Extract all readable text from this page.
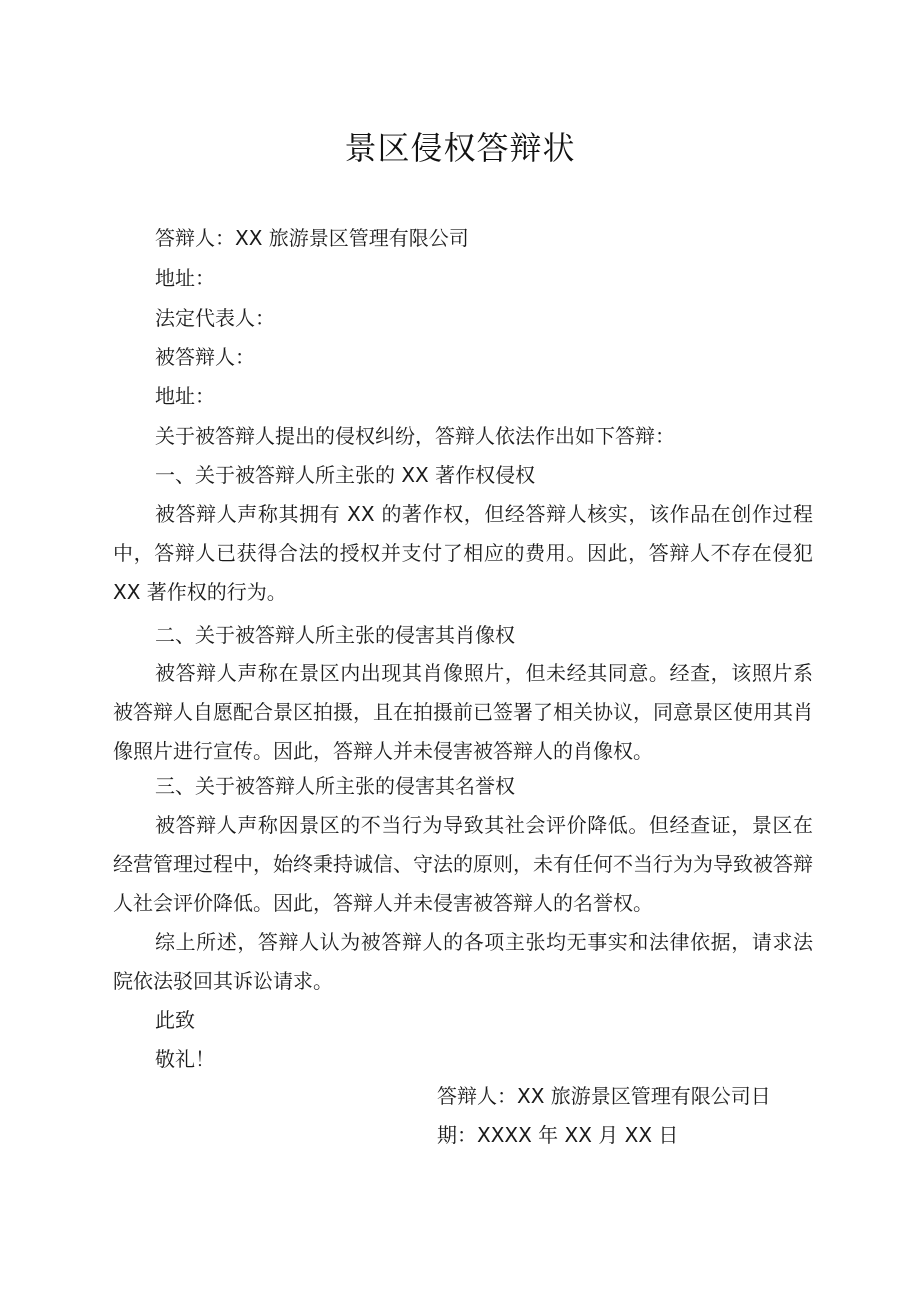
景区侵权答辩状
答辩人：XX 旅游景区管理有限公司
地址：
法定代表人：
被答辩人：
地址：
关于被答辩人提出的侵权纠纷，答辩人依法作出如下答辩：
一、关于被答辩人所主张的 XX 著作权侵权
被答辩人声称其拥有 XX 的著作权，但经答辩人核实，该作品在创作过程中，答辩人已获得合法的授权并支付了相应的费用。因此，答辩人不存在侵犯 XX 著作权的行为。
二、关于被答辩人所主张的侵害其肖像权
被答辩人声称在景区内出现其肖像照片，但未经其同意。经查，该照片系被答辩人自愿配合景区拍摄，且在拍摄前已签署了相关协议，同意景区使用其肖像照片进行宣传。因此，答辩人并未侵害被答辩人的肖像权。
三、关于被答辩人所主张的侵害其名誉权
被答辩人声称因景区的不当行为导致其社会评价降低。但经查证，景区在经营管理过程中，始终秉持诚信、守法的原则，未有任何不当行为为导致被答辩人社会评价降低。因此，答辩人并未侵害被答辩人的名誉权。
综上所述，答辩人认为被答辩人的各项主张均无事实和法律依据，请求法院依法驳回其诉讼请求。
此致
敬礼！
答辩人：XX 旅游景区管理有限公司日期：XXXX 年 XX 月 XX 日
